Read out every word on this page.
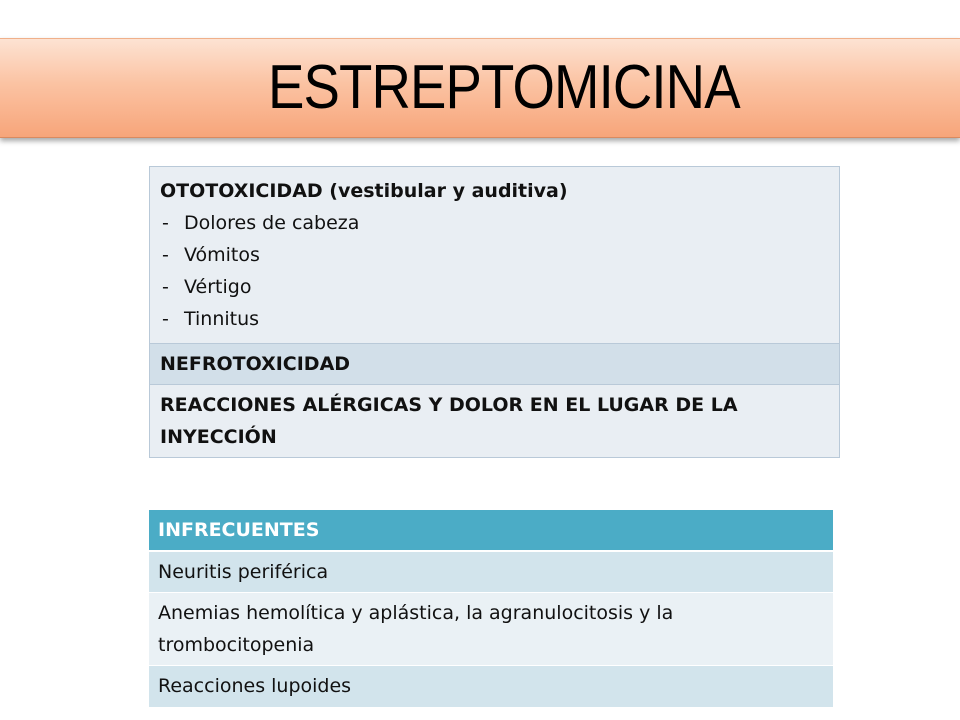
ESTREPTOMICINA
OTOTOXICIDAD (vestibular y auditiva)
- Dolores de cabeza
- Vómitos
- Vértigo
- Tinnitus

NEFROTOXICIDAD
REACCIONES ALÉRGICAS Y DOLOR EN EL LUGAR DE LA INYECCIÓN
INFRECUENTES
Neuritis periférica
Anemias hemolítica y aplástica, la agranulocitosis y la trombocitopenia
Reacciones lupoides
